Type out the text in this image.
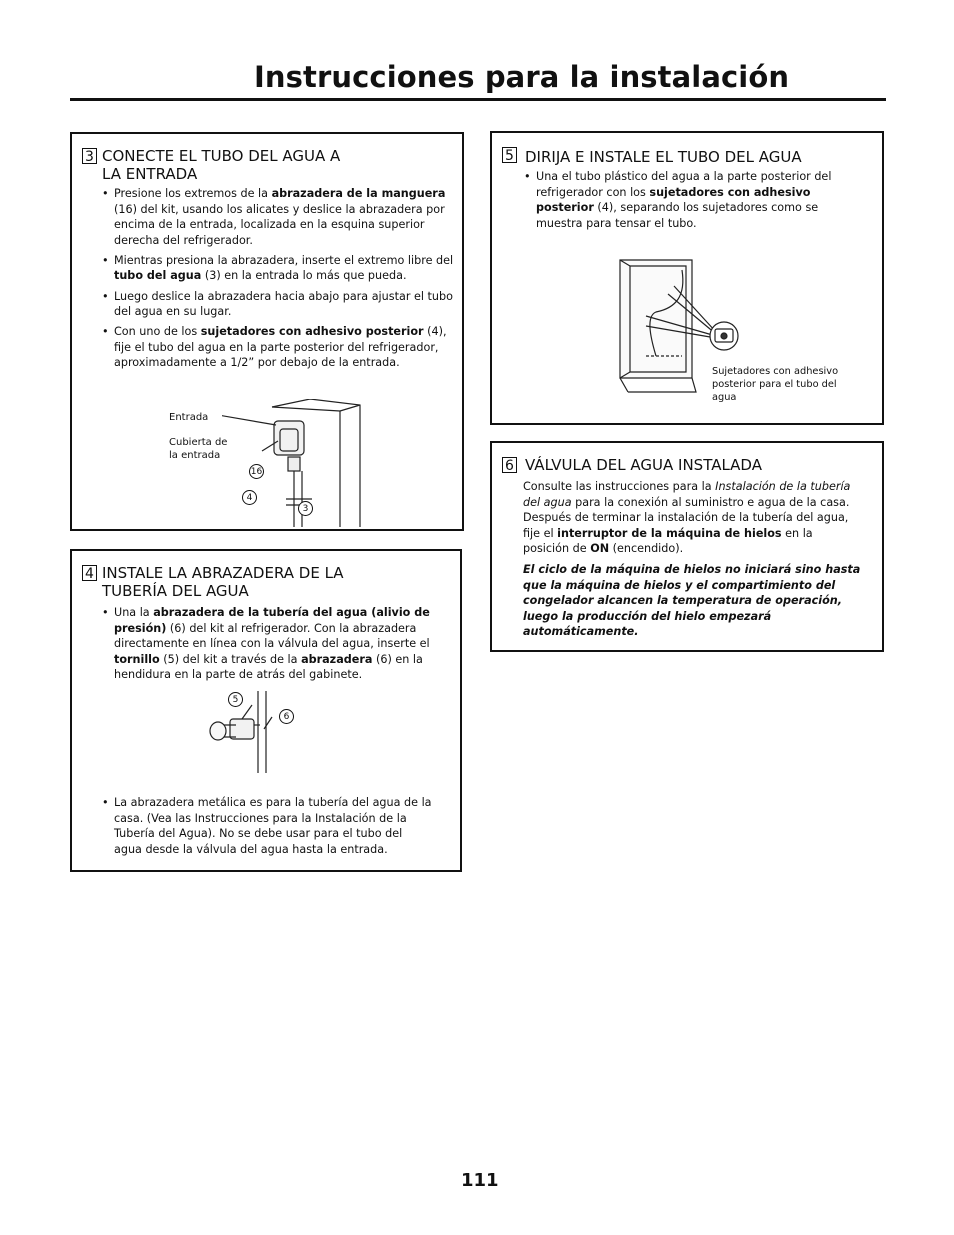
Instrucciones para la instalación
3 CONECTE EL TUBO DEL AGUA A LA ENTRADA
• Presione los extremos de la abrazadera de la manguera (16) del kit, usando los alicates y deslice la abrazadera por encima de la entrada, localizada en la esquina superior derecha del refrigerador.
• Mientras presiona la abrazadera, inserte el extremo libre del tubo del agua (3) en la entrada lo más que pueda.
• Luego deslice la abrazadera hacia abajo para ajustar el tubo del agua en su lugar.
• Con uno de los sujetadores con adhesivo posterior (4), fije el tubo del agua en la parte posterior del refrigerador, aproximadamente a 1/2” por debajo de la entrada.
Entrada
Cubierta de la entrada
16
4
3
4 INSTALE LA ABRAZADERA DE LA TUBERÍA DEL AGUA
• Una la abrazadera de la tubería del agua (alivio de presión) (6) del kit al refrigerador. Con la abrazadera directamente en línea con la válvula del agua, inserte el tornillo (5) del kit a través de la abrazadera (6) en la hendidura en la parte de atrás del gabinete.
5
6
• La abrazadera metálica es para la tubería del agua de la casa. (Vea las Instrucciones para la Instalación de la Tubería del Agua). No se debe usar para el tubo del agua desde la válvula del agua hasta la entrada.
5 DIRIJA E INSTALE EL TUBO DEL AGUA
• Una el tubo plástico del agua a la parte posterior del refrigerador con los sujetadores con adhesivo posterior (4), separando los sujetadores como se muestra para tensar el tubo.
Sujetadores con adhesivo posterior para el tubo del agua
6 VÁLVULA DEL AGUA INSTALADA

Consulte las instrucciones para la Instalación de la tubería del agua para la conexión al suministro e agua de la casa. Después de terminar la instalación de la tubería del agua, fije el interruptor de la máquina de hielos en la posición de ON (encendido).

El ciclo de la máquina de hielos no iniciará sino hasta que la máquina de hielos y el compartimiento del congelador alcancen la temperatura de operación, luego la producción del hielo empezará automáticamente.

111
